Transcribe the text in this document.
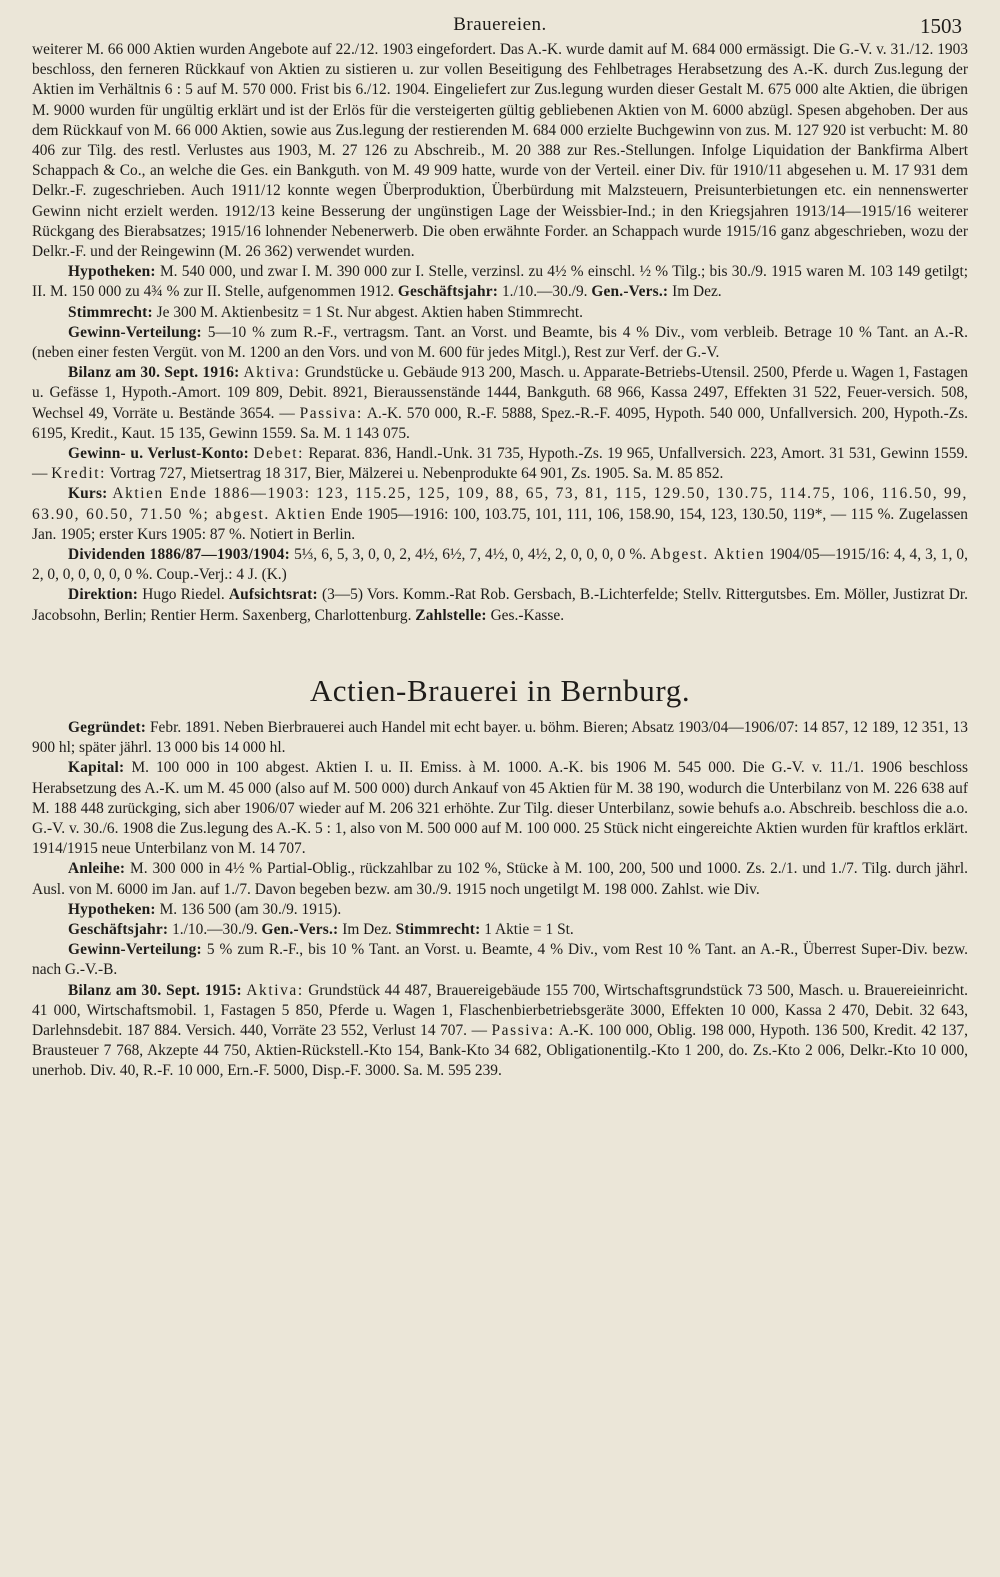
Brauereien.	1503

weiterer M. 66 000 Aktien wurden Angebote auf 22./12. 1903 eingefordert. Das A.-K. wurde damit auf M. 684 000 ermässigt. Die G.-V. v. 31./12. 1903 beschloss, den ferneren Rückkauf von Aktien zu sistieren u. zur vollen Beseitigung des Fehlbetrages Herabsetzung des A.-K. durch Zus.legung der Aktien im Verhältnis 6 : 5 auf M. 570 000. Frist bis 6./12. 1904. Eingeliefert zur Zus.legung wurden dieser Gestalt M. 675 000 alte Aktien, die übrigen M. 9000 wurden für ungültig erklärt und ist der Erlös für die versteigerten gültig gebliebenen Aktien von M. 6000 abzügl. Spesen abgehoben. Der aus dem Rückkauf von M. 66 000 Aktien, sowie aus Zus.legung der restierenden M. 684 000 erzielte Buchgewinn von zus. M. 127 920 ist verbucht: M. 80 406 zur Tilg. des restl. Verlustes aus 1903, M. 27 126 zu Abschreib., M. 20 388 zur Res.-Stellungen. Infolge Liquidation der Bankfirma Albert Schappach & Co., an welche die Ges. ein Bankguth. von M. 49 909 hatte, wurde von der Verteil. einer Div. für 1910/11 abgesehen u. M. 17 931 dem Delkr.-F. zugeschrieben. Auch 1911/12 konnte wegen Überproduktion, Überbürdung mit Malzsteuern, Preisunterbietungen etc. ein nennenswerter Gewinn nicht erzielt werden. 1912/13 keine Besserung der ungünstigen Lage der Weissbier-Ind.; in den Kriegsjahren 1913/14—1915/16 weiterer Rückgang des Bierabsatzes; 1915/16 lohnender Nebenerwerb. Die oben erwähnte Forder. an Schappach wurde 1915/16 ganz abgeschrieben, wozu der Delkr.-F. und der Reingewinn (M. 26 362) verwendet wurden.

Hypotheken: M. 540 000, und zwar I. M. 390 000 zur I. Stelle, verzinsl. zu 4½ % einschl. ½ % Tilg.; bis 30./9. 1915 waren M. 103 149 getilgt; II. M. 150 000 zu 4¾ % zur II. Stelle, aufgenommen 1912. Geschäftsjahr: 1./10.—30./9. Gen.-Vers.: Im Dez.

Stimmrecht: Je 300 M. Aktienbesitz = 1 St. Nur abgest. Aktien haben Stimmrecht.

Gewinn-Verteilung: 5—10 % zum R.-F., vertragsm. Tant. an Vorst. und Beamte, bis 4 % Div., vom verbleib. Betrage 10 % Tant. an A.-R. (neben einer festen Vergüt. von M. 1200 an den Vors. und von M. 600 für jedes Mitgl.), Rest zur Verf. der G.-V.

Bilanz am 30. Sept. 1916: Aktiva: Grundstücke u. Gebäude 913 200, Masch. u. Apparate-Betriebs-Utensil. 2500, Pferde u. Wagen 1, Fastagen u. Gefässe 1, Hypoth.-Amort. 109 809, Debit. 8921, Bieraussenstände 1444, Bankguth. 68 966, Kassa 2497, Effekten 31 522, Feuer-versich. 508, Wechsel 49, Vorräte u. Bestände 3654. — Passiva: A.-K. 570 000, R.-F. 5888, Spez.-R.-F. 4095, Hypoth. 540 000, Unfallversich. 200, Hypoth.-Zs. 6195, Kredit., Kaut. 15 135, Gewinn 1559. Sa. M. 1 143 075.

Gewinn- u. Verlust-Konto: Debet: Reparat. 836, Handl.-Unk. 31 735, Hypoth.-Zs. 19 965, Unfallversich. 223, Amort. 31 531, Gewinn 1559. — Kredit: Vortrag 727, Mietsertrag 18 317, Bier, Mälzerei u. Nebenprodukte 64 901, Zs. 1905. Sa. M. 85 852.

Kurs: Aktien Ende 1886—1903: 123, 115.25, 125, 109, 88, 65, 73, 81, 115, 129.50, 130.75, 114.75, 106, 116.50, 99, 63.90, 60.50, 71.50 %; abgest. Aktien Ende 1905—1916: 100, 103.75, 101, 111, 106, 158.90, 154, 123, 130.50, 119*, — 115 %. Zugelassen Jan. 1905; erster Kurs 1905: 87 %. Notiert in Berlin.

Dividenden 1886/87—1903/1904: 5⅓, 6, 5, 3, 0, 0, 2, 4½, 6½, 7, 4½, 0, 4½, 2, 0, 0, 0, 0 %. Abgest. Aktien 1904/05—1915/16: 4, 4, 3, 1, 0, 2, 0, 0, 0, 0, 0, 0 %. Coup.-Verj.: 4 J. (K.)

Direktion: Hugo Riedel. Aufsichtsrat: (3—5) Vors. Komm.-Rat Rob. Gersbach, B.-Lichterfelde; Stellv. Rittergutsbes. Em. Möller, Justizrat Dr. Jacobsohn, Berlin; Rentier Herm. Saxenberg, Charlottenburg. Zahlstelle: Ges.-Kasse.

Actien-Brauerei in Bernburg.

Gegründet: Febr. 1891. Neben Bierbrauerei auch Handel mit echt bayer. u. böhm. Bieren; Absatz 1903/04—1906/07: 14 857, 12 189, 12 351, 13 900 hl; später jährl. 13 000 bis 14 000 hl.

Kapital: M. 100 000 in 100 abgest. Aktien I. u. II. Emiss. à M. 1000. A.-K. bis 1906 M. 545 000. Die G.-V. v. 11./1. 1906 beschloss Herabsetzung des A.-K. um M. 45 000 (also auf M. 500 000) durch Ankauf von 45 Aktien für M. 38 190, wodurch die Unterbilanz von M. 226 638 auf M. 188 448 zurückging, sich aber 1906/07 wieder auf M. 206 321 erhöhte. Zur Tilg. dieser Unterbilanz, sowie behufs a.o. Abschreib. beschloss die a.o. G.-V. v. 30./6. 1908 die Zus.legung des A.-K. 5 : 1, also von M. 500 000 auf M. 100 000. 25 Stück nicht eingereichte Aktien wurden für kraftlos erklärt. 1914/1915 neue Unterbilanz von M. 14 707.

Anleihe: M. 300 000 in 4½ % Partial-Oblig., rückzahlbar zu 102 %, Stücke à M. 100, 200, 500 und 1000. Zs. 2./1. und 1./7. Tilg. durch jährl. Ausl. von M. 6000 im Jan. auf 1./7. Davon begeben bezw. am 30./9. 1915 noch ungetilgt M. 198 000. Zahlst. wie Div.

Hypotheken: M. 136 500 (am 30./9. 1915).

Geschäftsjahr: 1./10.—30./9. Gen.-Vers.: Im Dez. Stimmrecht: 1 Aktie = 1 St.

Gewinn-Verteilung: 5 % zum R.-F., bis 10 % Tant. an Vorst. u. Beamte, 4 % Div., vom Rest 10 % Tant. an A.-R., Überrest Super-Div. bezw. nach G.-V.-B.

Bilanz am 30. Sept. 1915: Aktiva: Grundstück 44 487, Brauereigebäude 155 700, Wirtschaftsgrundstück 73 500, Masch. u. Brauereieinricht. 41 000, Wirtschaftsmobil. 1, Fastagen 5 850, Pferde u. Wagen 1, Flaschenbierbetriebsgeräte 3000, Effekten 10 000, Kassa 2 470, Debit. 32 643, Darlehnsdebit. 187 884. Versich. 440, Vorräte 23 552, Verlust 14 707. — Passiva: A.-K. 100 000, Oblig. 198 000, Hypoth. 136 500, Kredit. 42 137, Brausteuer 7 768, Akzepte 44 750, Aktien-Rückstell.-Kto 154, Bank-Kto 34 682, Obligationentilg.-Kto 1 200, do. Zs.-Kto 2 006, Delkr.-Kto 10 000, unerhob. Div. 40, R.-F. 10 000, Ern.-F. 5000, Disp.-F. 3000. Sa. M. 595 239.
